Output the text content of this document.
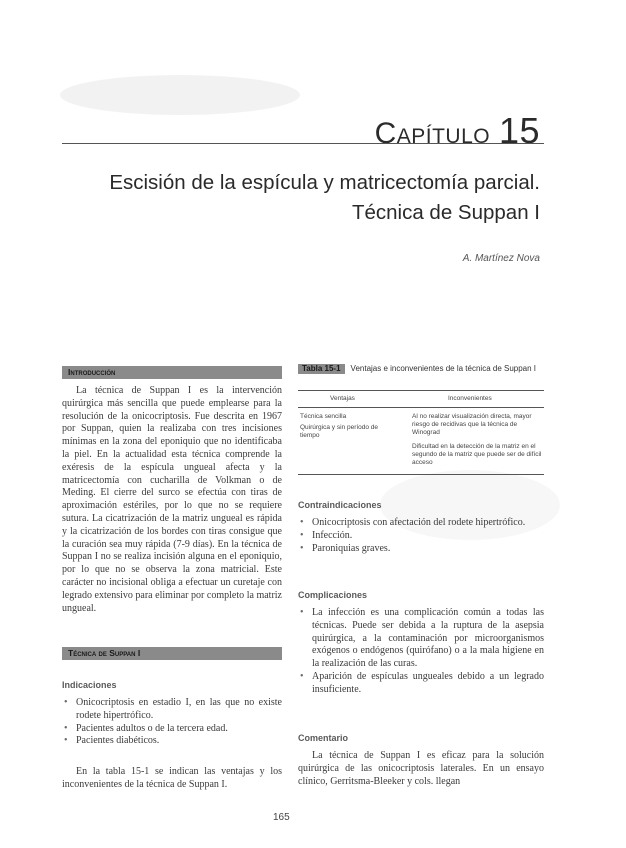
Capítulo 15
Escisión de la espícula y matricectomía parcial.
Técnica de Suppan I
A. Martínez Nova
Introducción

La técnica de Suppan I es la intervención quirúrgica más sencilla que puede emplearse para la resolución de la onicocriptosis. Fue descrita en 1967 por Suppan, quien la realizaba con tres incisiones mínimas en la zona del eponiquio que no identificaba la piel. En la actualidad esta técnica comprende la exéresis de la espícula ungueal afecta y la matricectomía con cucharilla de Volkman o de Meding. El cierre del surco se efectúa con tiras de aproximación estériles, por lo que no se requiere sutura. La cicatrización de la matriz ungueal es rápida y la cicatrización de los bordes con tiras consigue que la curación sea muy rápida (7-9 días). En la técnica de Suppan I no se realiza incisión alguna en el eponiquio, por lo que no se observa la zona matricial. Este carácter no incisional obliga a efectuar un curetaje con legrado extensivo para eliminar por completo la matriz ungueal.

Técnica de Suppan I
Indicaciones
• Onicocriptosis en estadio I, en las que no existe rodete hipertrófico.
• Pacientes adultos o de la tercera edad.
• Pacientes diabéticos.

En la tabla 15-1 se indican las ventajas y los inconvenientes de la técnica de Suppan I.

Tabla 15-1 Ventajas e inconvenientes de la técnica de Suppan I
Ventajas	Inconvenientes
Técnica sencilla	Al no realizar visualización directa, mayor riesgo de recidivas que la técnica de Winograd
Quirúrgica y sin período de tiempo
Dificultad en la detección de la matriz en el segundo de la matriz que puede ser de difícil acceso
Contraindicaciones
• Onicocriptosis con afectación del rodete hipertrófico.
• Infección.
• Paroniquias graves.
Complicaciones
• La infección es una complicación común a todas las técnicas. Puede ser debida a la ruptura de la asepsia quirúrgica, a la contaminación por microorganismos exógenos o endógenos (quirófano) o a la mala higiene en la realización de las curas.
• Aparición de espículas ungueales debido a un legrado insuficiente.
Comentario

La técnica de Suppan I es eficaz para la solución quirúrgica de las onicocriptosis laterales. En un ensayo clínico, Gerritsma-Bleeker y cols. llegan

165
